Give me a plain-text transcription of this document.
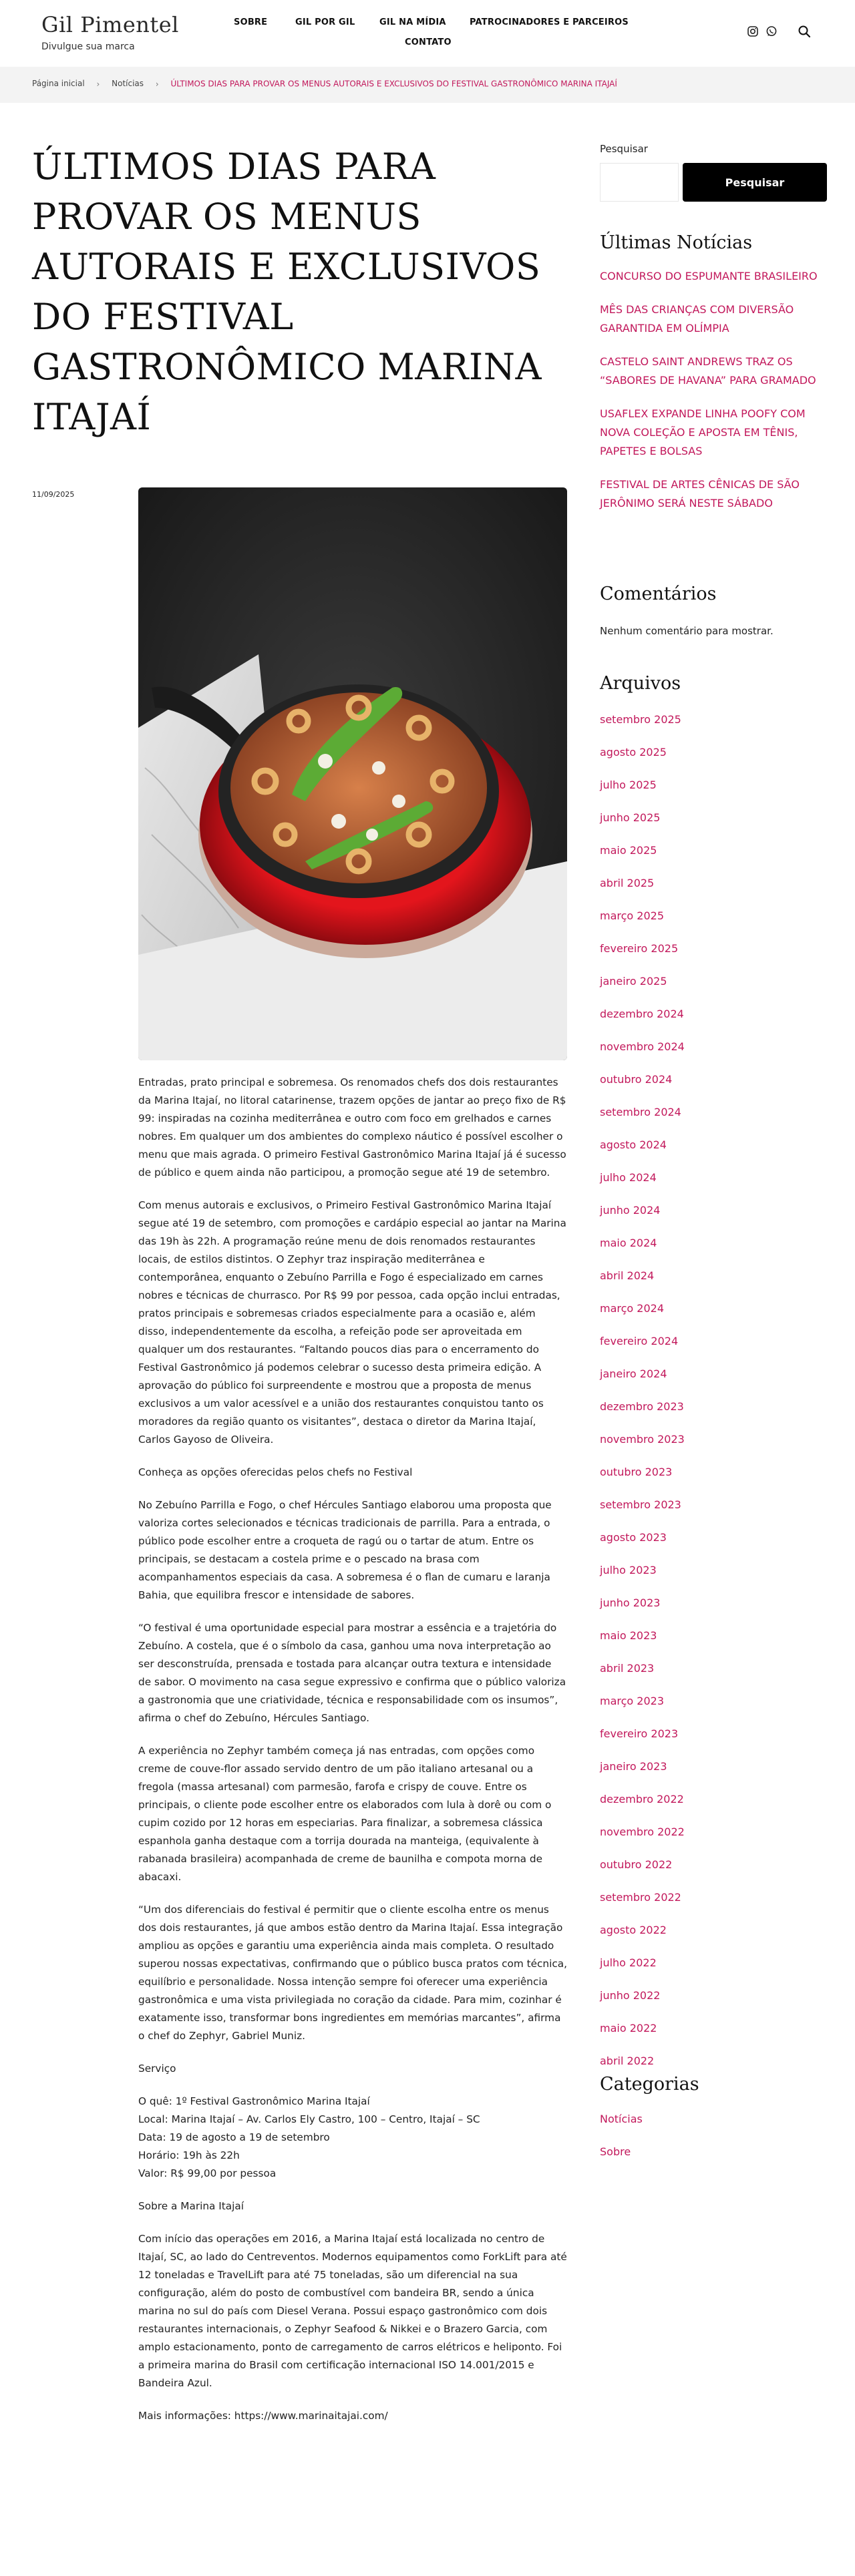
Gil Pimentel
Divulgue sua marca
SOBRE	GIL POR GIL	GIL NA MÍDIA	PATROCINADORES E PARCEIROS
CONTATO
Página inicial › Notícias › ÚLTIMOS DIAS PARA PROVAR OS MENUS AUTORAIS E EXCLUSIVOS DO FESTIVAL GASTRONÔMICO MARINA ITAJAÍ
ÚLTIMOS DIAS PARA PROVAR OS MENUS AUTORAIS E EXCLUSIVOS DO FESTIVAL GASTRONÔMICO MARINA ITAJAÍ
11/09/2025

Entradas, prato principal e sobremesa. Os renomados chefs dos dois restaurantes da Marina Itajaí, no litoral catarinense, trazem opções de jantar ao preço fixo de R$ 99: inspiradas na cozinha mediterrânea e outro com foco em grelhados e carnes nobres. Em qualquer um dos ambientes do complexo náutico é possível escolher o menu que mais agrada. O primeiro Festival Gastronômico Marina Itajaí já é sucesso de público e quem ainda não participou, a promoção segue até 19 de setembro.

Com menus autorais e exclusivos, o Primeiro Festival Gastronômico Marina Itajaí segue até 19 de setembro, com promoções e cardápio especial ao jantar na Marina das 19h às 22h. A programação reúne menu de dois renomados restaurantes locais, de estilos distintos. O Zephyr traz inspiração mediterrânea e contemporânea, enquanto o Zebuíno Parrilla e Fogo é especializado em carnes nobres e técnicas de churrasco. Por R$ 99 por pessoa, cada opção inclui entradas, pratos principais e sobremesas criados especialmente para a ocasião e, além disso, independentemente da escolha, a refeição pode ser aproveitada em qualquer um dos restaurantes. “Faltando poucos dias para o encerramento do Festival Gastronômico já podemos celebrar o sucesso desta primeira edição. A aprovação do público foi surpreendente e mostrou que a proposta de menus exclusivos a um valor acessível e a união dos restaurantes conquistou tanto os moradores da região quanto os visitantes”, destaca o diretor da Marina Itajaí, Carlos Gayoso de Oliveira.

Conheça as opções oferecidas pelos chefs no Festival

No Zebuíno Parrilla e Fogo, o chef Hércules Santiago elaborou uma proposta que valoriza cortes selecionados e técnicas tradicionais de parrilla. Para a entrada, o público pode escolher entre a croqueta de ragú ou o tartar de atum. Entre os principais, se destacam a costela prime e o pescado na brasa com acompanhamentos especiais da casa. A sobremesa é o flan de cumaru e laranja Bahia, que equilibra frescor e intensidade de sabores.

“O festival é uma oportunidade especial para mostrar a essência e a trajetória do Zebuíno. A costela, que é o símbolo da casa, ganhou uma nova interpretação ao ser desconstruída, prensada e tostada para alcançar outra textura e intensidade de sabor. O movimento na casa segue expressivo e confirma que o público valoriza a gastronomia que une criatividade, técnica e responsabilidade com os insumos”, afirma o chef do Zebuíno, Hércules Santiago.

A experiência no Zephyr também começa já nas entradas, com opções como creme de couve-flor assado servido dentro de um pão italiano artesanal ou a fregola (massa artesanal) com parmesão, farofa e crispy de couve. Entre os principais, o cliente pode escolher entre os elaborados com lula à dorê ou com o cupim cozido por 12 horas em especiarias. Para finalizar, a sobremesa clássica espanhola ganha destaque com a torrija dourada na manteiga, (equivalente à rabanada brasileira) acompanhada de creme de baunilha e compota morna de abacaxi.

“Um dos diferenciais do festival é permitir que o cliente escolha entre os menus dos dois restaurantes, já que ambos estão dentro da Marina Itajaí. Essa integração ampliou as opções e garantiu uma experiência ainda mais completa. O resultado superou nossas expectativas, confirmando que o público busca pratos com técnica, equilíbrio e personalidade. Nossa intenção sempre foi oferecer uma experiência gastronômica e uma vista privilegiada no coração da cidade. Para mim, cozinhar é exatamente isso, transformar bons ingredientes em memórias marcantes”, afirma o chef do Zephyr, Gabriel Muniz.

Serviço

O quê: 1º Festival Gastronômico Marina Itajaí
Local: Marina Itajaí – Av. Carlos Ely Castro, 100 – Centro, Itajaí – SC
Data: 19 de agosto a 19 de setembro
Horário: 19h às 22h
Valor: R$ 99,00 por pessoa

Sobre a Marina Itajaí

Com início das operações em 2016, a Marina Itajaí está localizada no centro de Itajaí, SC, ao lado do Centreventos. Modernos equipamentos como ForkLift para até 12 toneladas e TravelLift para até 75 toneladas, são um diferencial na sua configuração, além do posto de combustível com bandeira BR, sendo a única marina no sul do país com Diesel Verana. Possui espaço gastronômico com dois restaurantes internacionais, o Zephyr Seafood & Nikkei e o Brazero Garcia, com amplo estacionamento, ponto de carregamento de carros elétricos e heliponto. Foi a primeira marina do Brasil com certificação internacional ISO 14.001/2015 e Bandeira Azul.

Mais informações: https://www.marinaitajai.com/

Pesquisar
Pesquisar
Últimas Notícias
CONCURSO DO ESPUMANTE BRASILEIRO
MÊS DAS CRIANÇAS COM DIVERSÃO GARANTIDA EM OLÍMPIA
CASTELO SAINT ANDREWS TRAZ OS “SABORES DE HAVANA” PARA GRAMADO
USAFLEX EXPANDE LINHA POOFY COM NOVA COLEÇÃO E APOSTA EM TÊNIS, PAPETES E BOLSAS
FESTIVAL DE ARTES CÊNICAS DE SÃO JERÔNIMO SERÁ NESTE SÁBADO
Comentários
Nenhum comentário para mostrar.
Arquivos
setembro 2025
agosto 2025
julho 2025
junho 2025
maio 2025
abril 2025
março 2025
fevereiro 2025
janeiro 2025
dezembro 2024
novembro 2024
outubro 2024
setembro 2024
agosto 2024
julho 2024
junho 2024
maio 2024
abril 2024
março 2024
fevereiro 2024
janeiro 2024
dezembro 2023
novembro 2023
outubro 2023
setembro 2023
agosto 2023
julho 2023
junho 2023
maio 2023
abril 2023
março 2023
fevereiro 2023
janeiro 2023
dezembro 2022
novembro 2022
outubro 2022
setembro 2022
agosto 2022
julho 2022
junho 2022
maio 2022
abril 2022
Categorias
Notícias
Sobre
